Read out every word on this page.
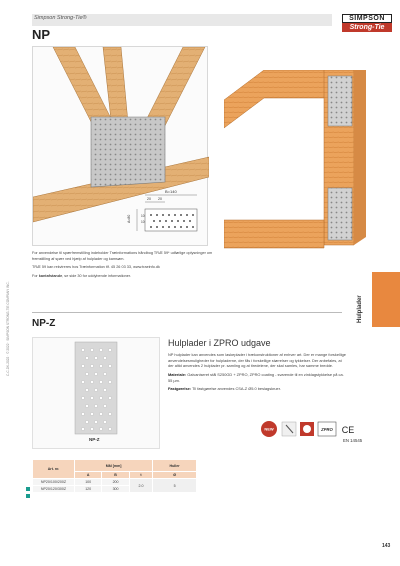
Simpson Strong-Tie®
NP
SIMPSON
Strong-Tie
C-C-DK-2022 · © 2022 · SIMPSON STRONG-TIE COMPANY INC.	Hulplader
B=140
20 20
A=80	10
10

For anvendelse til spærfremstilling indeholder Træinformations håndbog TRÆ 59* udførlige oplysninger om fremstilling af spær ved hjælp af hulplader og kamsøm.

TRÆ 59 kan rekvireres hos Træinformation tlf. 45 26 03 33, www.traeinfo.dk

For kantafstande, se side 30 for uddybende informationer.

NP-Z
NP-Z
Hulplader i ZPRO udgave

NP hulplader kan anvendes som laskeplader i trækonstruktioner af enhver art. Der er mange forskellige anvendelsesmuligheder for hulpladerne, der fås i forskellige størrelser og tykkelser. Der anbefales, at der altid anvendes 2 hulplader pr. samling og at tiredelene, der skal samles, har samme bredde.

Materiale: Galvaniseret stål S250GD + ZPRO, ZPRO coating - svarende til en zinklagstykkelse på ca. 55 µm.

Fastgørelse: Til fastgørelse anvendes CSA-Z Ø5.0 beslagskruer.

NEW	ZPRO CE
EN 14545
Art. nr.	Mål [mm]			Huller
	A	B	t	Ø
NP20/100/200Z	100	200	2.0	5
NP20/120/300Z	120	300		
143
